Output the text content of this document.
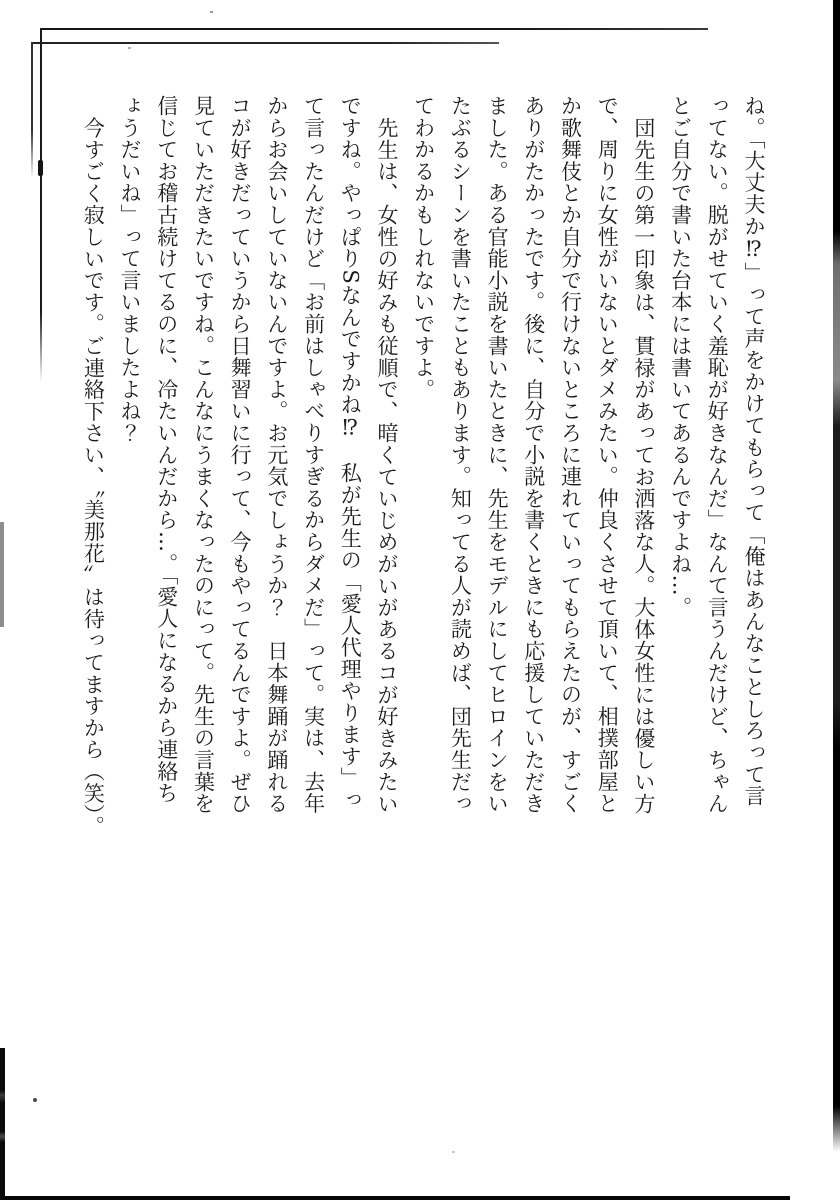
ね。「大丈夫か⁉」って声をかけてもらって「俺はあんなことしろって言
ってない。脱がせていく羞恥が好きなんだ」なんて言うんだけど、ちゃん
とご自分で書いた台本には書いてあるんですよね…。
団先生の第一印象は、貫禄があってお洒落な人。大体女性には優しい方
で、周りに女性がいないとダメみたい。仲良くさせて頂いて、相撲部屋と
か歌舞伎とか自分で行けないところに連れていってもらえたのが、すごく
ありがたかったです。後に、自分で小説を書くときにも応援していただき
ました。ある官能小説を書いたときに、先生をモデルにしてヒロインをい
たぶるシーンを書いたこともあります。知ってる人が読めば、団先生だっ
てわかるかもしれないですよ。
先生は、女性の好みも従順で、暗くていじめがいがあるコが好きみたい
ですね。やっぱりSなんですかね⁉　私が先生の「愛人代理やります」っ
て言ったんだけど「お前はしゃべりすぎるからダメだ」って。実は、去年
からお会いしていないんですよ。お元気でしょうか？　日本舞踊が踊れる
コが好きだっていうから日舞習いに行って、今もやってるんですよ。ぜひ
見ていただきたいですね。こんなにうまくなったのにって。先生の言葉を
信じてお稽古続けてるのに、冷たいんだから…。「愛人になるから連絡ち
ょうだいね」って言いましたよね？
今すごく寂しいです。ご連絡下さい、〝美那花〟は待ってますから（笑）。
